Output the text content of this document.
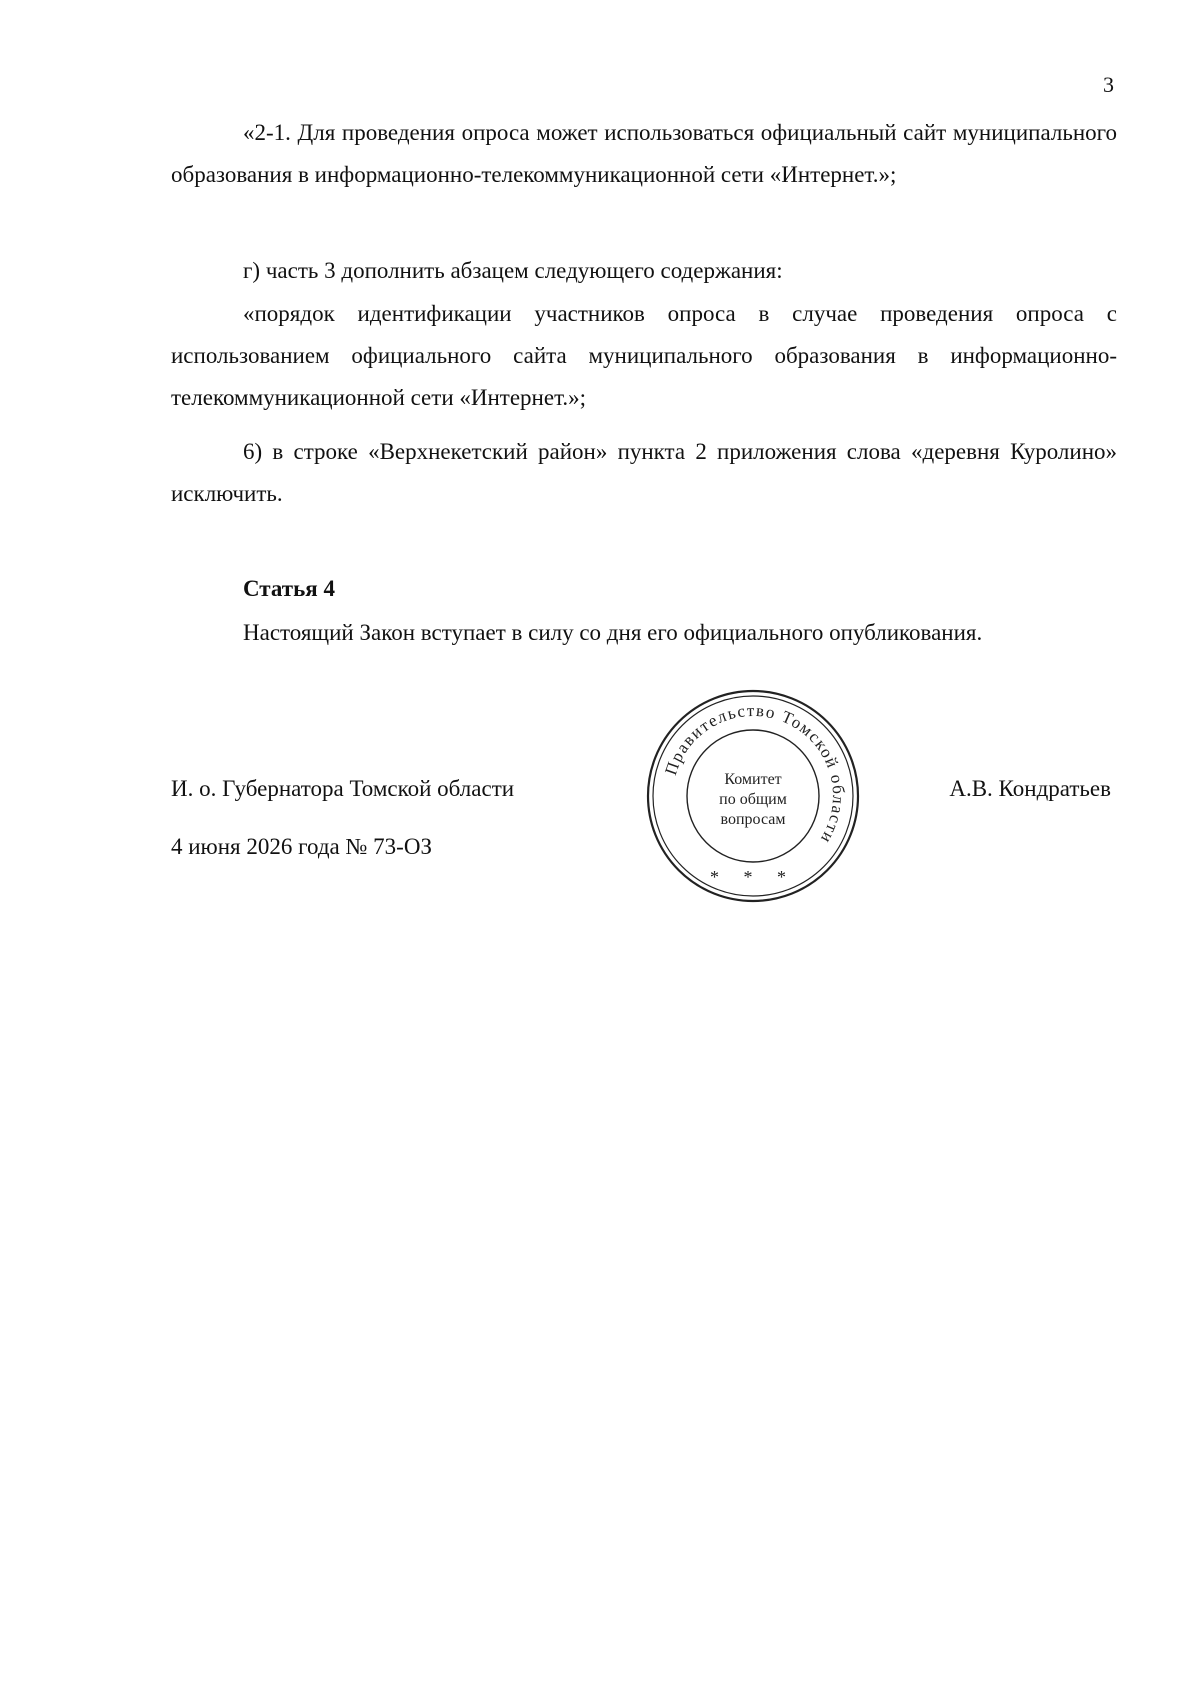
3

«2-1. Для проведения опроса может использоваться официальный сайт муниципального образования в информационно-телекоммуникационной сети «Интернет.»;

г) часть 3 дополнить абзацем следующего содержания:

«порядок идентификации участников опроса в случае проведения опроса с использованием официального сайта муниципального образования в информационно-телекоммуникационной сети «Интернет.»;

6) в строке «Верхнекетский район» пункта 2 приложения слова «деревня Куролино» исключить.

Статья 4

Настоящий Закон вступает в силу со дня его официального опубликования.

И. о. Губернатора Томской области
4 июня 2026 года № 73-ОЗ
А.В. Кондратьев
Правительство Томской области
Комитет
по общим
вопросам
* * *
